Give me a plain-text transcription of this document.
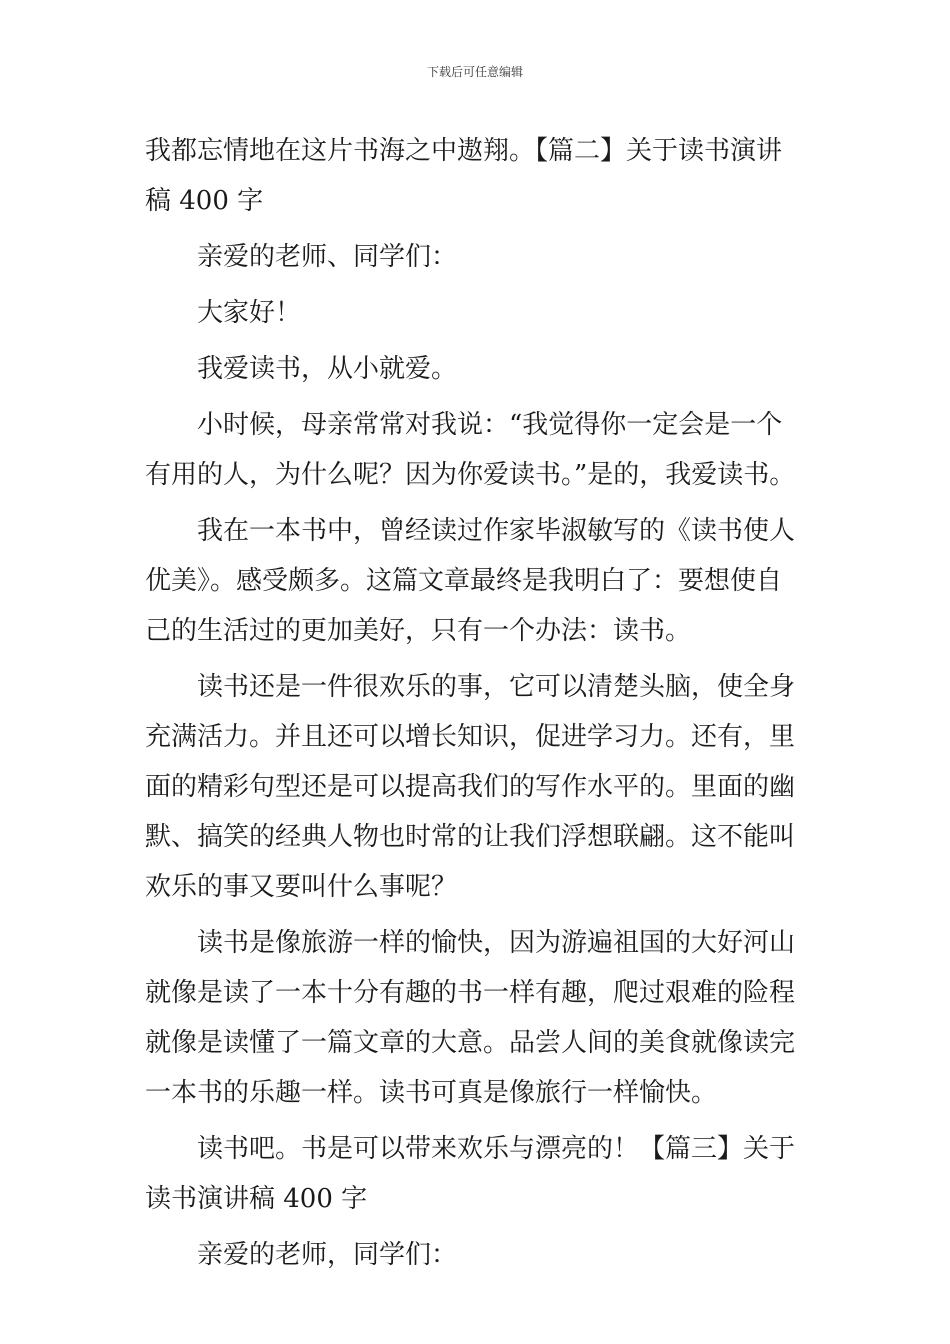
下载后可任意编辑
我都忘情地在这片书海之中遨翔。【篇二】关于读书演讲
稿 400 字
亲爱的老师、同学们：
大家好！
我爱读书，从小就爱。
小时候，母亲常常对我说：“我觉得你一定会是一个
有用的人，为什么呢？因为你爱读书。”是的，我爱读书。
我在一本书中，曾经读过作家毕淑敏写的《读书使人
优美》。感受颇多。这篇文章最终是我明白了：要想使自
己的生活过的更加美好，只有一个办法：读书。
读书还是一件很欢乐的事，它可以清楚头脑，使全身
充满活力。并且还可以增长知识，促进学习力。还有，里
面的精彩句型还是可以提高我们的写作水平的。里面的幽
默、搞笑的经典人物也时常的让我们浮想联翩。这不能叫
欢乐的事又要叫什么事呢？
读书是像旅游一样的愉快，因为游遍祖国的大好河山
就像是读了一本十分有趣的书一样有趣，爬过艰难的险程
就像是读懂了一篇文章的大意。品尝人间的美食就像读完
一本书的乐趣一样。读书可真是像旅行一样愉快。
读书吧。书是可以带来欢乐与漂亮的！【篇三】关于
读书演讲稿 400 字
亲爱的老师，同学们：
